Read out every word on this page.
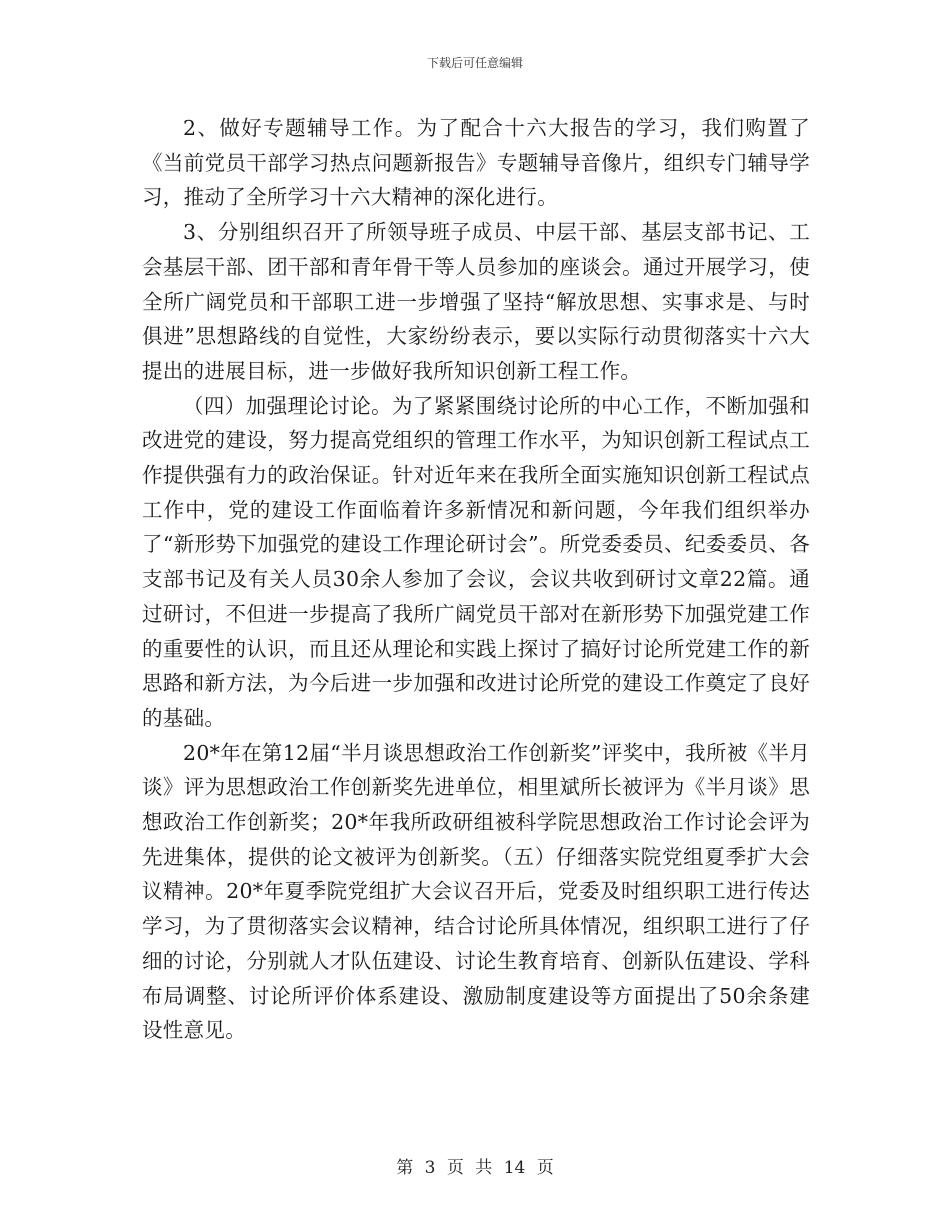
下载后可任意编辑

2、做好专题辅导工作。为了配合十六大报告的学习，我们购置了《当前党员干部学习热点问题新报告》专题辅导音像片，组织专门辅导学习，推动了全所学习十六大精神的深化进行。

3、分别组织召开了所领导班子成员、中层干部、基层支部书记、工会基层干部、团干部和青年骨干等人员参加的座谈会。通过开展学习，使全所广阔党员和干部职工进一步增强了坚持“解放思想、实事求是、与时俱进”思想路线的自觉性，大家纷纷表示，要以实际行动贯彻落实十六大提出的进展目标，进一步做好我所知识创新工程工作。

（四）加强理论讨论。为了紧紧围绕讨论所的中心工作，不断加强和改进党的建设，努力提高党组织的管理工作水平，为知识创新工程试点工作提供强有力的政治保证。针对近年来在我所全面实施知识创新工程试点工作中，党的建设工作面临着许多新情况和新问题，今年我们组织举办了“新形势下加强党的建设工作理论研讨会”。所党委委员、纪委委员、各支部书记及有关人员30余人参加了会议，会议共收到研讨文章22篇。通过研讨，不但进一步提高了我所广阔党员干部对在新形势下加强党建工作的重要性的认识，而且还从理论和实践上探讨了搞好讨论所党建工作的新思路和新方法，为今后进一步加强和改进讨论所党的建设工作奠定了良好的基础。

20*年在第12届“半月谈思想政治工作创新奖”评奖中，我所被《半月谈》评为思想政治工作创新奖先进单位，相里斌所长被评为《半月谈》思想政治工作创新奖；20*年我所政研组被科学院思想政治工作讨论会评为先进集体，提供的论文被评为创新奖。（五）仔细落实院党组夏季扩大会议精神。20*年夏季院党组扩大会议召开后，党委及时组织职工进行传达学习，为了贯彻落实会议精神，结合讨论所具体情况，组织职工进行了仔细的讨论，分别就人才队伍建设、讨论生教育培育、创新队伍建设、学科布局调整、讨论所评价体系建设、激励制度建设等方面提出了50余条建设性意见。

第 3 页 共 14 页
